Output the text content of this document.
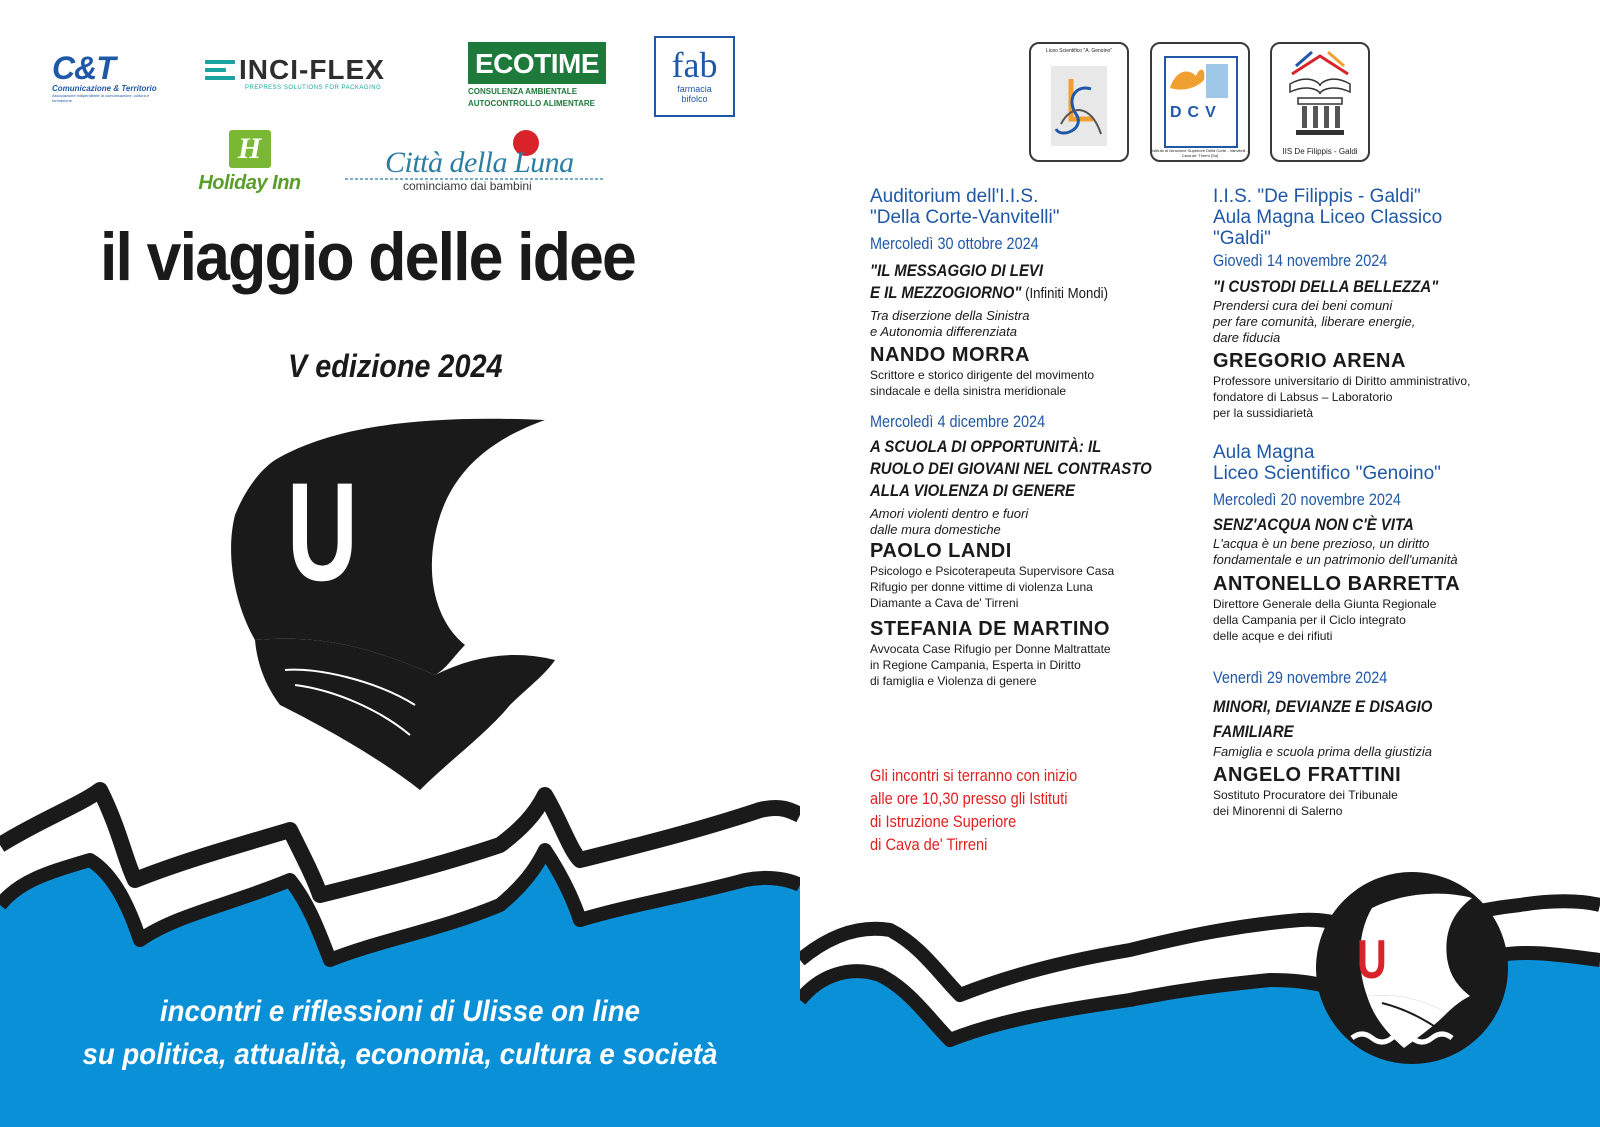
U
C&T
Comunicazione & Territorio
Associazione indipendente di comunicazione, cultura e formazione
INCI-FLEX
PREPRESS SOLUTIONS FOR PACKAGING
ECOTIME
CONSULENZA AMBIENTALE
AUTOCONTROLLO ALIMENTARE
fab
farmacia
bifolco
H
Holiday Inn
Città della Luna
cominciamo dai bambini
il viaggio delle idee
V edizione 2024
incontri e riflessioni di Ulisse on line
su politica, attualità, economia, cultura e società
U
Liceo Scientifico "A. Genoino"
DCV
Istituto di Istruzione Superiore Della Corte - Vanvitelli - Cava de' Tirreni (Sa)	IIS De Filippis - Galdi
Auditorium dell'I.I.S.
"Della Corte-Vanvitelli"
Mercoledì 30 ottobre 2024
"IL MESSAGGIO DI LEVI
E IL MEZZOGIORNO" (Infiniti Mondi)
Tra diserzione della Sinistra
e Autonomia differenziata
NANDO MORRA
Scrittore e storico dirigente del movimento
sindacale e della sinistra meridionale
Mercoledì 4 dicembre 2024
A SCUOLA DI OPPORTUNITÀ: IL
RUOLO DEI GIOVANI NEL CONTRASTO
ALLA VIOLENZA DI GENERE
Amori violenti dentro e fuori
dalle mura domestiche
PAOLO LANDI
Psicologo e Psicoterapeuta Supervisore Casa
Rifugio per donne vittime di violenza Luna
Diamante a Cava de' Tirreni
STEFANIA DE MARTINO
Avvocata Case Rifugio per Donne Maltrattate
in Regione Campania, Esperta in Diritto
di famiglia e Violenza di genere
Gli incontri si terranno con inizio
alle ore 10,30 presso gli Istituti
di Istruzione Superiore
di Cava de' Tirreni
I.I.S. "De Filippis - Galdi"
Aula Magna Liceo Classico
"Galdi"
Giovedì 14 novembre 2024
"I CUSTODI DELLA BELLEZZA"
Prendersi cura dei beni comuni
per fare comunità, liberare energie,
dare fiducia
GREGORIO ARENA
Professore universitario di Diritto amministrativo,
fondatore di Labsus – Laboratorio
per la sussidiarietà
Aula Magna
Liceo Scientifico "Genoino"
Mercoledì 20 novembre 2024
SENZ'ACQUA NON C'È VITA
L'acqua è un bene prezioso, un diritto
fondamentale e un patrimonio dell'umanità
ANTONELLO BARRETTA
Direttore Generale della Giunta Regionale
della Campania per il Ciclo integrato
delle acque e dei rifiuti
Venerdì 29 novembre 2024
MINORI, DEVIANZE E DISAGIO
FAMILIARE
Famiglia e scuola prima della giustizia
ANGELO FRATTINI
Sostituto Procuratore dei Tribunale
dei Minorenni di Salerno
